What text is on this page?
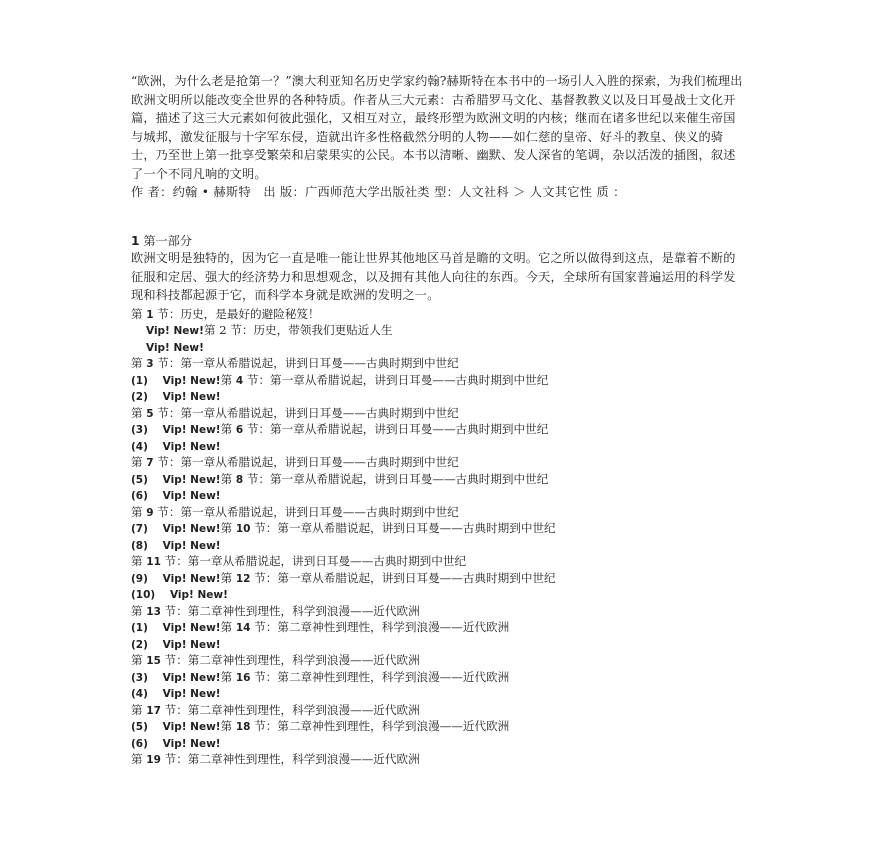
“欧洲，为什么老是抢第一？”澳大利亚知名历史学家约翰?赫斯特在本书中的一场引人入胜的探索，为我们梳理出欧洲文明所以能改变全世界的各种特质。作者从三大元素：古希腊罗马文化、基督教教义以及日耳曼战士文化开篇，描述了这三大元素如何彼此强化，又相互对立，最终形塑为欧洲文明的内核；继而在诸多世纪以来催生帝国与城邦，激发征服与十字军东侵，造就出许多性格截然分明的人物——如仁慈的皇帝、好斗的教皇、侠义的骑士，乃至世上第一批享受繁荣和启蒙果实的公民。本书以清晰、幽默、发人深省的笔调，杂以活泼的插图，叙述了一个不同凡响的文明。

作 者：约翰 • 赫斯特　出 版：广西师范大学出版社类 型：人文社科 ＞ 人文其它性 质 ：

1 第一部分

欧洲文明是独特的，因为它一直是唯一能让世界其他地区马首是瞻的文明。它之所以做得到这点，是靠着不断的征服和定居、强大的经济势力和思想观念，以及拥有其他人向往的东西。今天，全球所有国家普遍运用的科学发现和科技都起源于它，而科学本身就是欧洲的发明之一。

第 1 节：历史，是最好的避险秘笈！
Vip! New!第 2 节：历史，带领我们更贴近人生
Vip! New!
第 3 节：第一章从希腊说起，讲到日耳曼——古典时期到中世纪
(1) Vip! New!第 4 节：第一章从希腊说起，讲到日耳曼——古典时期到中世纪
(2) Vip! New!
第 5 节：第一章从希腊说起，讲到日耳曼——古典时期到中世纪
(3) Vip! New!第 6 节：第一章从希腊说起，讲到日耳曼——古典时期到中世纪
(4) Vip! New!
第 7 节：第一章从希腊说起，讲到日耳曼——古典时期到中世纪
(5) Vip! New!第 8 节：第一章从希腊说起，讲到日耳曼——古典时期到中世纪
(6) Vip! New!
第 9 节：第一章从希腊说起，讲到日耳曼——古典时期到中世纪
(7) Vip! New!第 10 节：第一章从希腊说起，讲到日耳曼——古典时期到中世纪
(8) Vip! New!
第 11 节：第一章从希腊说起，讲到日耳曼——古典时期到中世纪
(9) Vip! New!第 12 节：第一章从希腊说起，讲到日耳曼——古典时期到中世纪
(10) Vip! New!
第 13 节：第二章神性到理性，科学到浪漫——近代欧洲
(1) Vip! New!第 14 节：第二章神性到理性，科学到浪漫——近代欧洲
(2) Vip! New!
第 15 节：第二章神性到理性，科学到浪漫——近代欧洲
(3) Vip! New!第 16 节：第二章神性到理性，科学到浪漫——近代欧洲
(4) Vip! New!
第 17 节：第二章神性到理性，科学到浪漫——近代欧洲
(5) Vip! New!第 18 节：第二章神性到理性，科学到浪漫——近代欧洲
(6) Vip! New!
第 19 节：第二章神性到理性，科学到浪漫——近代欧洲
